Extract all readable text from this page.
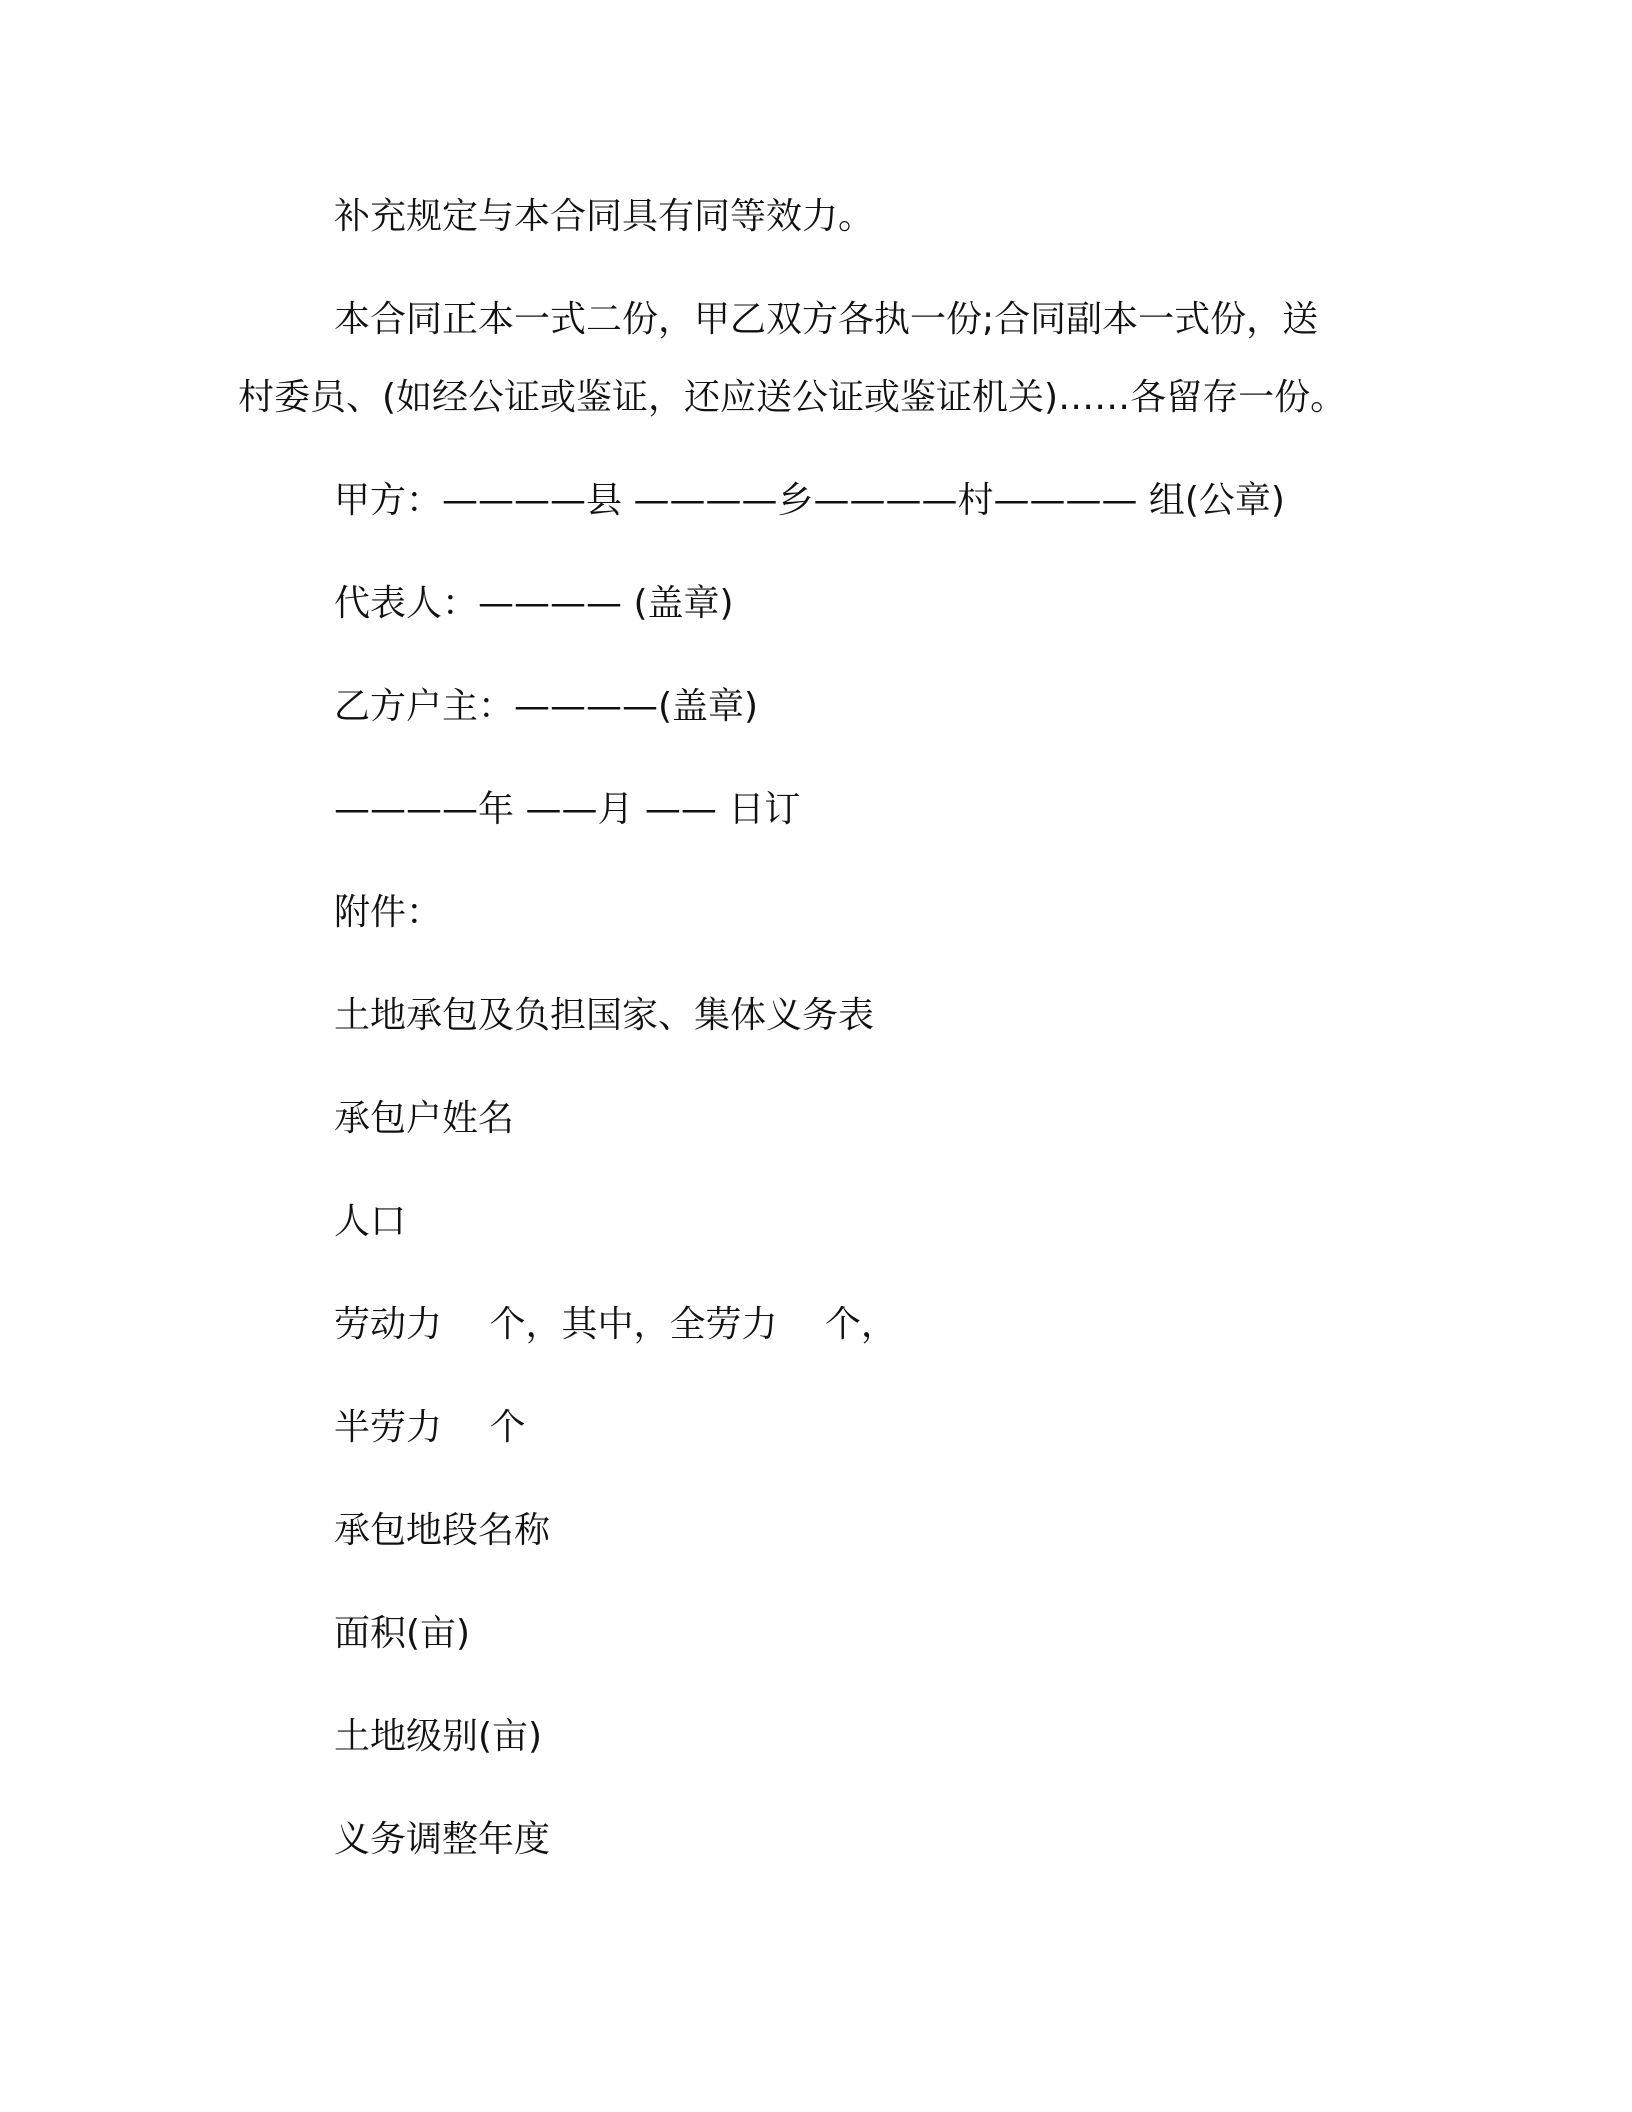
补充规定与本合同具有同等效力。
本合同正本一式二份，甲乙双方各执一份;合同副本一式份，送
村委员、(如经公证或鉴证，还应送公证或鉴证机关)……各留存一份。
甲方：————县 ————乡————村———— 组(公章)
代表人：———— (盖章)
乙方户主：————(盖章)
————年 ——月 —— 日订
附件：
土地承包及负担国家、集体义务表
承包户姓名
人口
劳动力　 个，其中，全劳力　 个，
半劳力　 个
承包地段名称
面积(亩)
土地级别(亩)
义务调整年度
